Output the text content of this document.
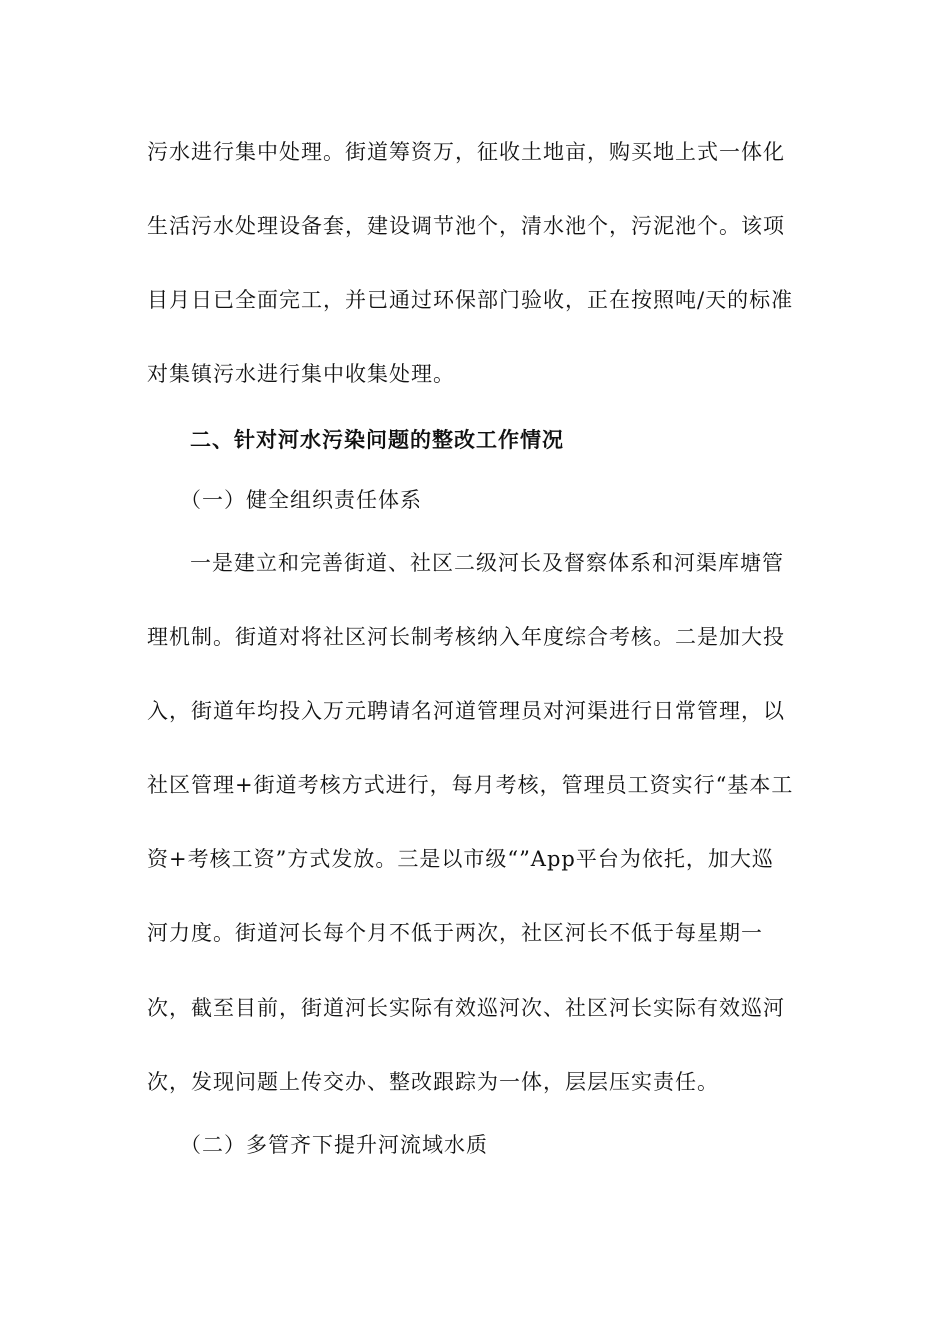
污水进行集中处理。街道筹资万，征收土地亩，购买地上式一体化
生活污水处理设备套，建设调节池个，清水池个，污泥池个。该项
目月日已全面完工，并已通过环保部门验收，正在按照吨/天的标准
对集镇污水进行集中收集处理。
二、针对河水污染问题的整改工作情况
（一）健全组织责任体系
一是建立和完善街道、社区二级河长及督察体系和河渠库塘管
理机制。街道对将社区河长制考核纳入年度综合考核。二是加大投
入，街道年均投入万元聘请名河道管理员对河渠进行日常管理，以
社区管理+街道考核方式进行，每月考核，管理员工资实行“基本工
资+考核工资”方式发放。三是以市级“”App平台为依托，加大巡
河力度。街道河长每个月不低于两次，社区河长不低于每星期一
次，截至目前，街道河长实际有效巡河次、社区河长实际有效巡河
次，发现问题上传交办、整改跟踪为一体，层层压实责任。
（二）多管齐下提升河流域水质
